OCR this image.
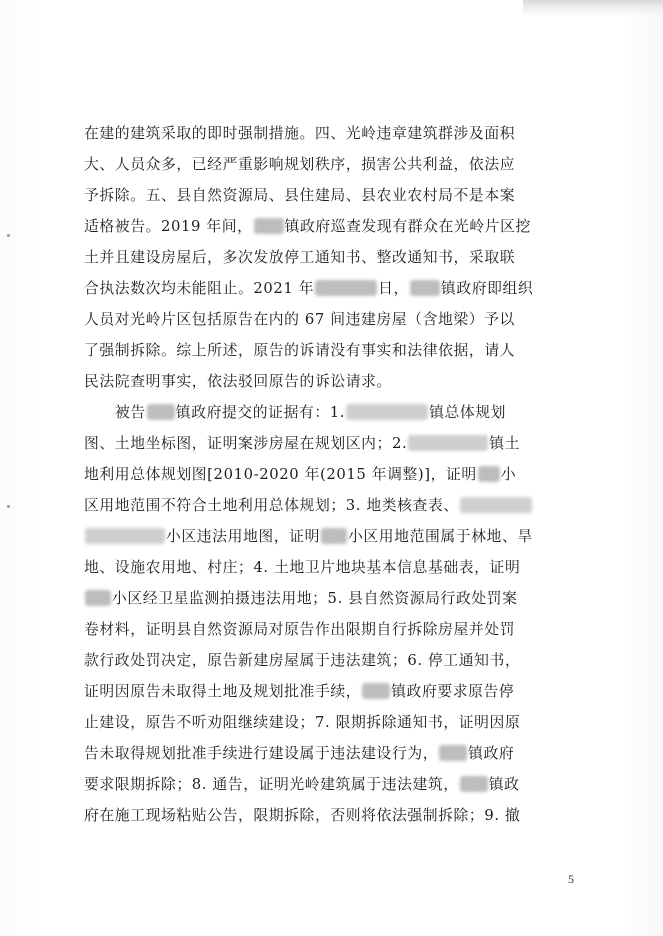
在建的建筑采取的即时强制措施。四、光岭违章建筑群涉及面积
大、人员众多，已经严重影响规划秩序，损害公共利益，依法应
予拆除。五、县自然资源局、县住建局、县农业农村局不是本案
适格被告。2019 年间， 镇政府巡查发现有群众在光岭片区挖
土并且建设房屋后，多次发放停工通知书、整改通知书，采取联
合执法数次均未能阻止。2021 年	日， 镇政府即组织
人员对光岭片区包括原告在内的 67 间违建房屋（含地梁）予以
了强制拆除。综上所述，原告的诉请没有事实和法律依据，请人
民法院查明事实，依法驳回原告的诉讼请求。
被告 镇政府提交的证据有：1.	镇总体规划
图、土地坐标图，证明案涉房屋在规划区内；2.	镇土
地利用总体规划图[2010-2020 年(2015 年调整)]，证明 小
区用地范围不符合土地利用总体规划；3. 地类核查表、
小区违法用地图，证明 小区用地范围属于林地、旱
地、设施农用地、村庄；4. 土地卫片地块基本信息基础表，证明
小区经卫星监测拍摄违法用地；5. 县自然资源局行政处罚案
卷材料，证明县自然资源局对原告作出限期自行拆除房屋并处罚
款行政处罚决定，原告新建房屋属于违法建筑；6. 停工通知书，
证明因原告未取得土地及规划批准手续， 镇政府要求原告停
止建设，原告不听劝阻继续建设；7. 限期拆除通知书，证明因原
告未取得规划批准手续进行建设属于违法建设行为， 镇政府
要求限期拆除；8. 通告，证明光岭建筑属于违法建筑， 镇政
府在施工现场粘贴公告，限期拆除，否则将依法强制拆除；9. 撤
5
